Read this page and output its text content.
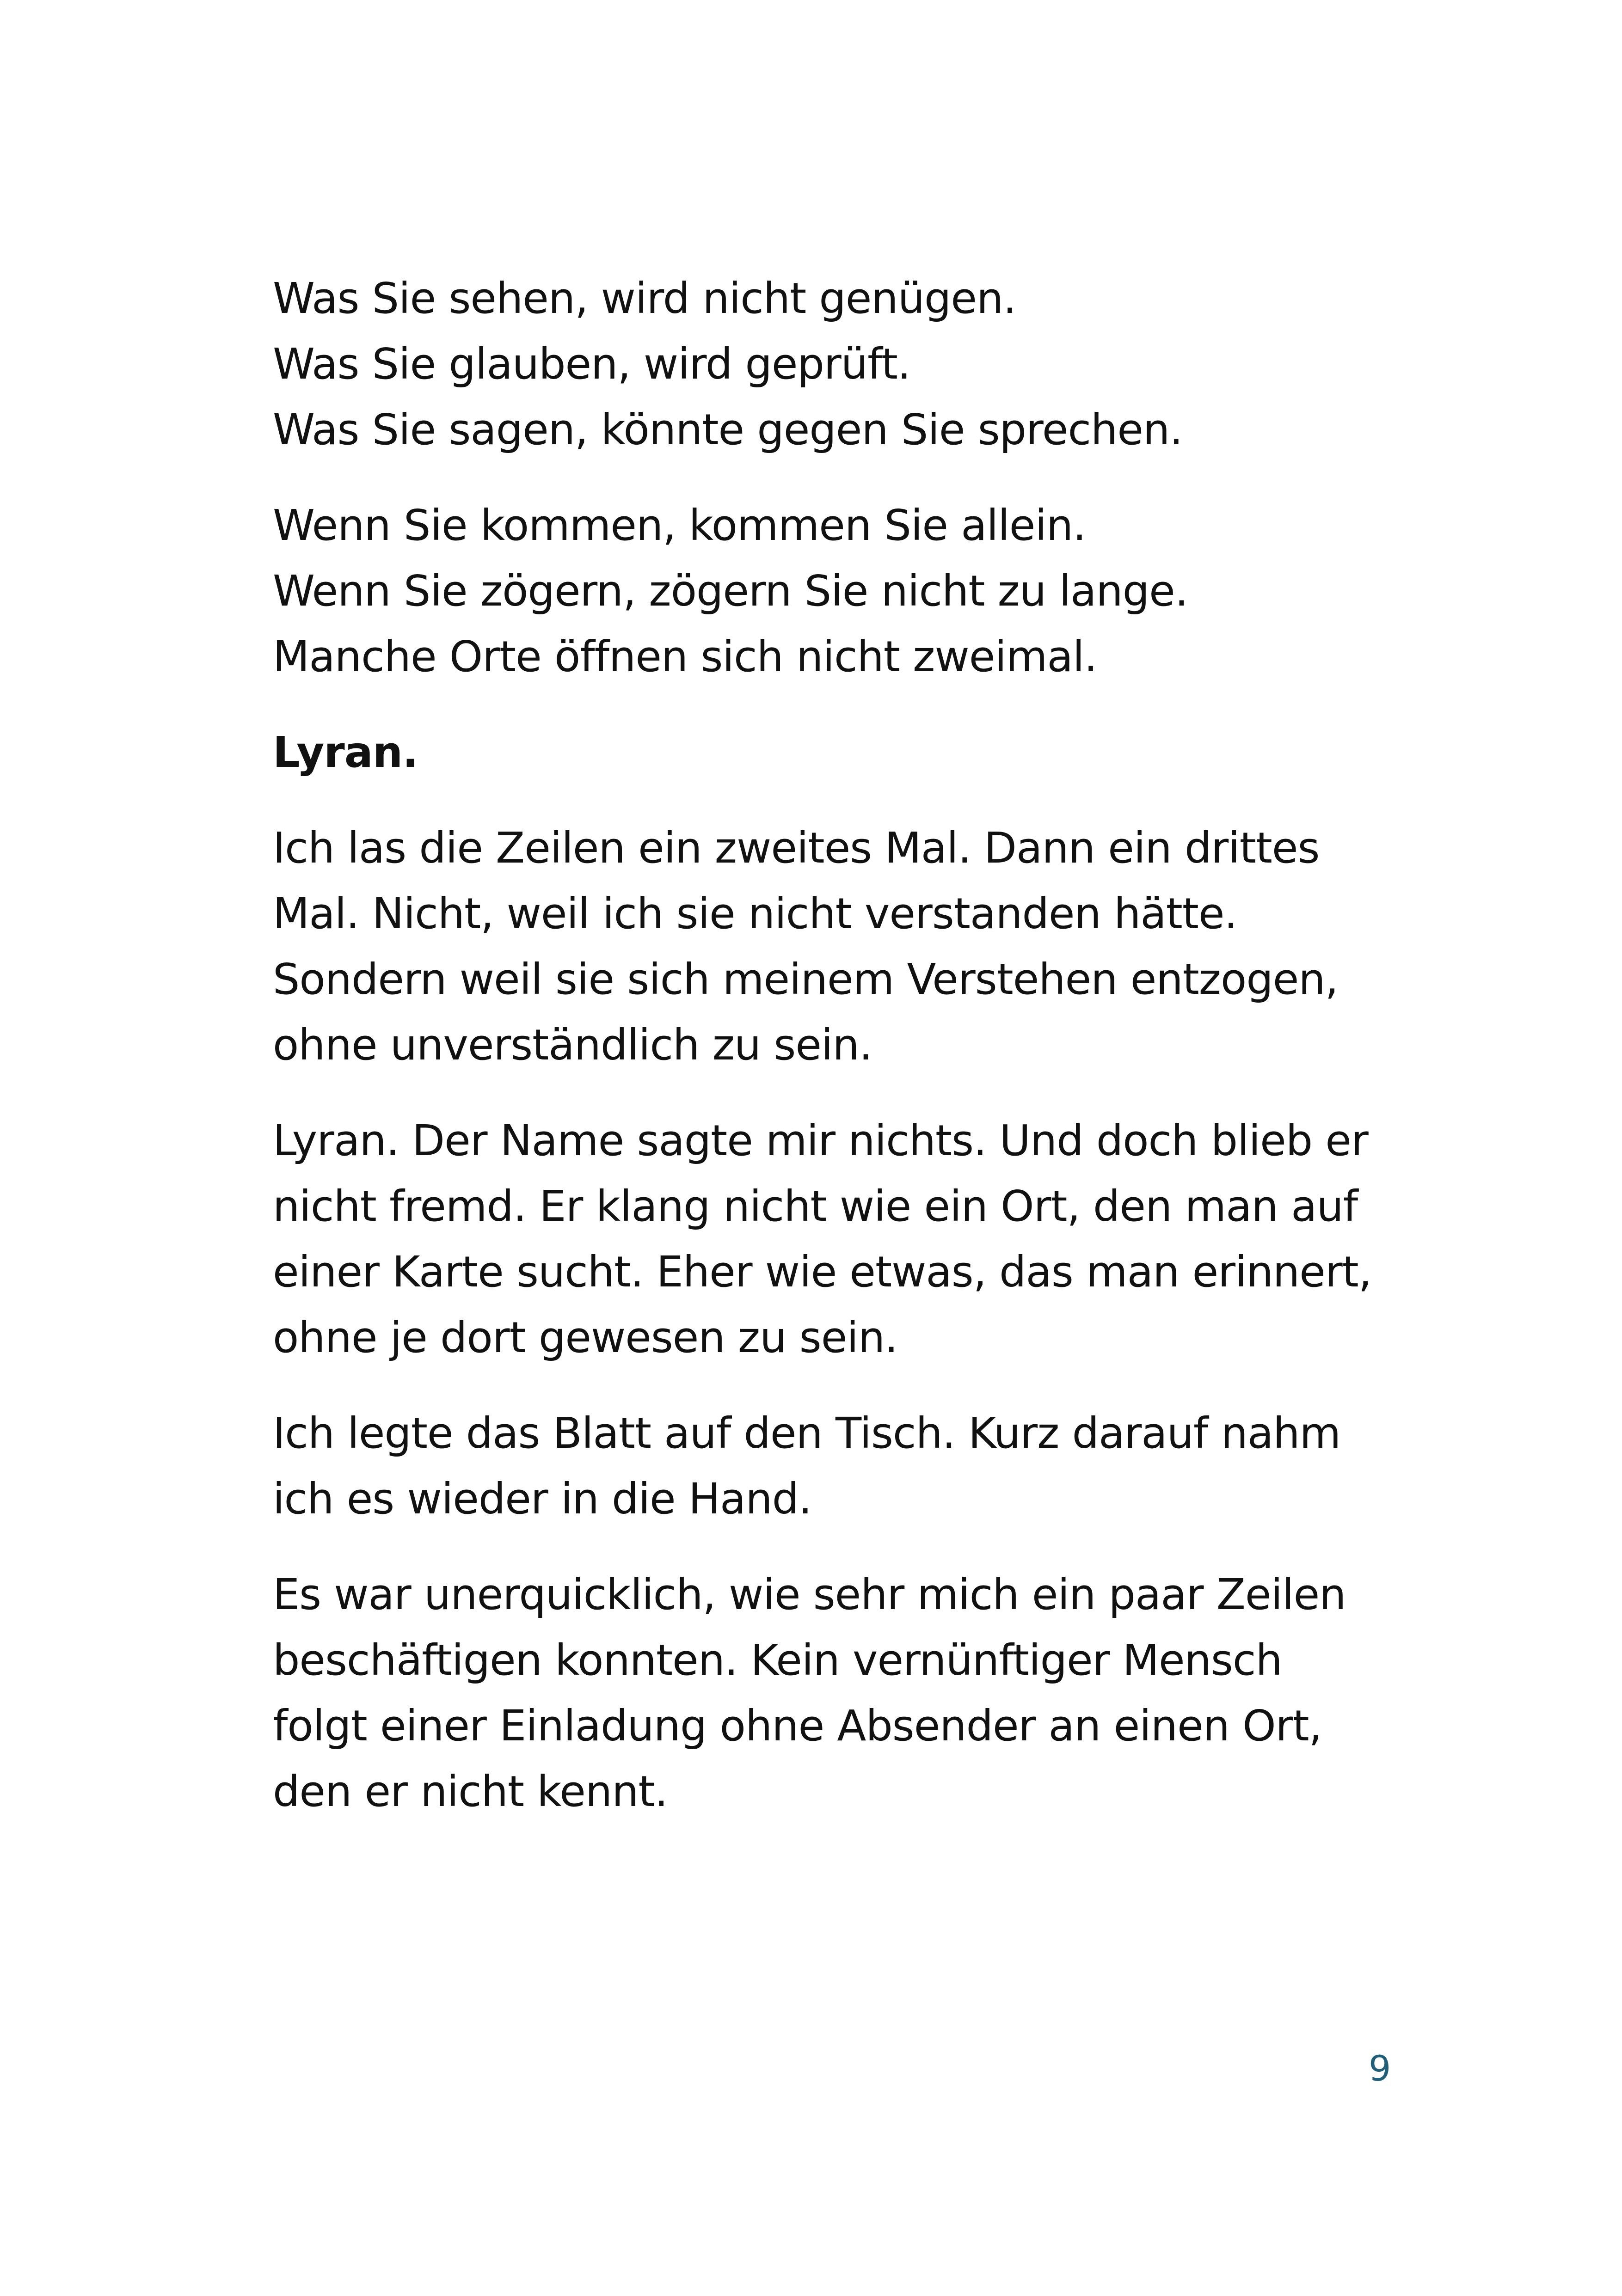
Was Sie sehen, wird nicht genügen.
Was Sie glauben, wird geprüft.
Was Sie sagen, könnte gegen Sie sprechen.

Wenn Sie kommen, kommen Sie allein.
Wenn Sie zögern, zögern Sie nicht zu lange.
Manche Orte öffnen sich nicht zweimal.

Lyran.

Ich las die Zeilen ein zweites Mal. Dann ein drittes
Mal. Nicht, weil ich sie nicht verstanden hätte.
Sondern weil sie sich meinem Verstehen entzogen,
ohne unverständlich zu sein.

Lyran. Der Name sagte mir nichts. Und doch blieb er
nicht fremd. Er klang nicht wie ein Ort, den man auf
einer Karte sucht. Eher wie etwas, das man erinnert,
ohne je dort gewesen zu sein.

Ich legte das Blatt auf den Tisch. Kurz darauf nahm
ich es wieder in die Hand.

Es war unerquicklich, wie sehr mich ein paar Zeilen
beschäftigen konnten. Kein vernünftiger Mensch
folgt einer Einladung ohne Absender an einen Ort,
den er nicht kennt.

9
